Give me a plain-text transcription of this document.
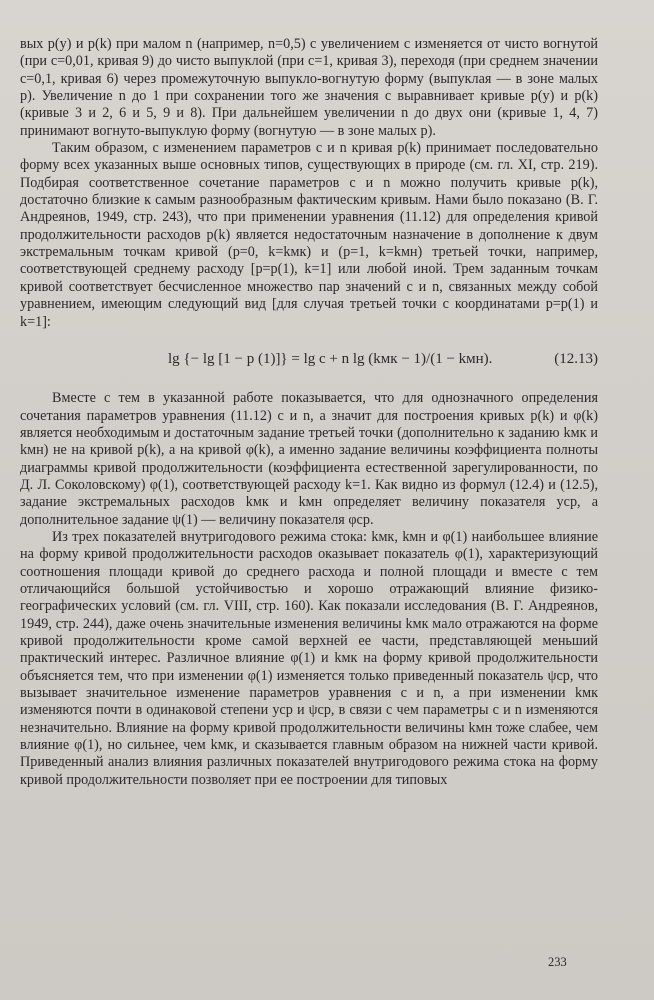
вых p(y) и p(k) при малом n (например, n=0,5) с увеличением c изменяется от чисто вогнутой (при c=0,01, кривая 9) до чисто выпуклой (при c=1, кривая 3), переходя (при среднем значении c=0,1, кривая 6) через промежуточную выпукло-вогнутую форму (выпуклая — в зоне малых p). Увеличение n до 1 при сохранении того же значения c выравнивает кривые p(y) и p(k) (кривые 3 и 2, 6 и 5, 9 и 8). При дальнейшем увеличении n до двух они (кривые 1, 4, 7) принимают вогнуто-выпуклую форму (вогнутую — в зоне малых p).

Таким образом, с изменением параметров c и n кривая p(k) принимает последовательно форму всех указанных выше основных типов, существующих в природе (см. гл. XI, стр. 219). Подбирая соответственное сочетание параметров c и n можно получить кривые p(k), достаточно близкие к самым разнообразным фактическим кривым. Нами было показано (В. Г. Андреянов, 1949, стр. 243), что при применении уравнения (11.12) для определения кривой продолжительности расходов p(k) является недостаточным назначение в дополнение к двум экстремальным точкам кривой (p=0, k=kмк) и (p=1, k=kмн) третьей точки, например, соответствующей среднему расходу [p=p(1), k=1] или любой иной. Трем заданным точкам кривой соответствует бесчисленное множество пар значений c и n, связанных между собой уравнением, имеющим следующий вид [для случая третьей точки с координатами p=p(1) и k=1]:

lg {− lg [1 − p (1)]} = lg c + n lg (kмк − 1)/(1 − kмн).	(12.13)

Вместе с тем в указанной работе показывается, что для однозначного определения сочетания параметров уравнения (11.12) c и n, а значит для построения кривых p(k) и φ(k) является необходимым и достаточным задание третьей точки (дополнительно к заданию kмк и kмн) не на кривой p(k), а на кривой φ(k), а именно задание величины коэффициента полноты диаграммы кривой продолжительности (коэффициента естественной зарегулированности, по Д. Л. Соколовскому) φ(1), соответствующей расходу k=1. Как видно из формул (12.4) и (12.5), задание экстремальных расходов kмк и kмн определяет величину показателя yср, а дополнительное задание ψ(1) — величину показателя φср.

Из трех показателей внутригодового режима стока: kмк, kмн и φ(1) наибольшее влияние на форму кривой продолжительности расходов оказывает показатель φ(1), характеризующий соотношения площади кривой до среднего расхода и полной площади и вместе с тем отличающийся большой устойчивостью и хорошо отражающий влияние физико-географических условий (см. гл. VIII, стр. 160). Как показали исследования (В. Г. Андреянов, 1949, стр. 244), даже очень значительные изменения величины kмк мало отражаются на форме кривой продолжительности кроме самой верхней ее части, представляющей меньший практический интерес. Различное влияние φ(1) и kмк на форму кривой продолжительности объясняется тем, что при изменении φ(1) изменяется только приведенный показатель ψср, что вызывает значительное изменение параметров уравнения c и n, а при изменении kмк изменяются почти в одинаковой степени yср и ψср, в связи с чем параметры c и n изменяются незначительно. Влияние на форму кривой продолжительности величины kмн тоже слабее, чем влияние φ(1), но сильнее, чем kмк, и сказывается главным образом на нижней части кривой. Приведенный анализ влияния различных показателей внутригодового режима стока на форму кривой продолжительности позволяет при ее построении для типовых

233
